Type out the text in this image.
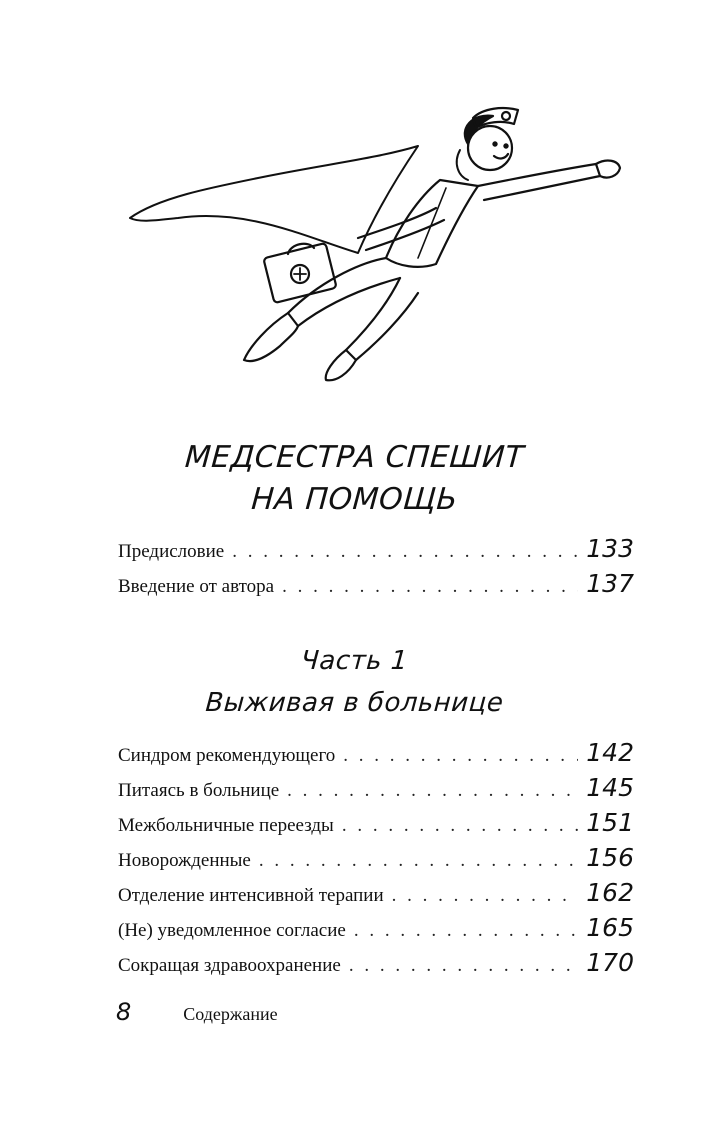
МЕДСЕСТРА СПЕШИТ
НА ПОМОЩЬ
Предисловие . . .	133
Введение от автора . . .	137
Часть 1
Выживая в больнице
Синдром рекомендующего . . .	142
Питаясь в больнице . . .	145
Межбольничные переезды . . .	151
Новорожденные . . .	156
Отделение интенсивной терапии . . .	162
(Не) уведомленное согласие . . .	165
Сокращая здравоохранение . . .	170
8	Содержание
